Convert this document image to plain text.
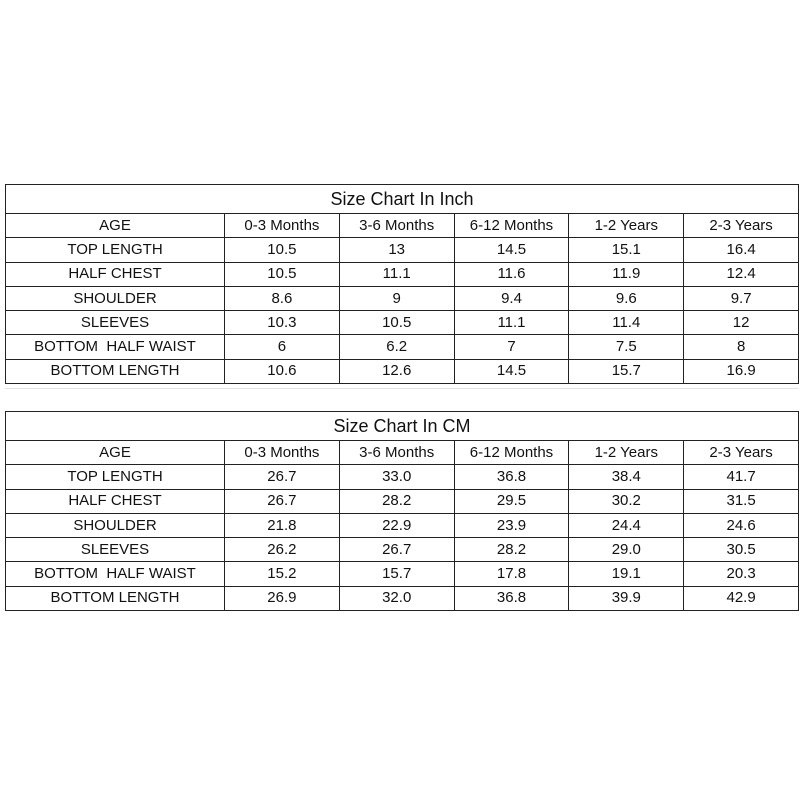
Size Chart In Inch					
AGE	0-3 Months	3-6 Months	6-12 Months	1-2 Years	2-3 Years
TOP LENGTH	10.5	13	14.5	15.1	16.4
HALF CHEST	10.5	11.1	11.6	11.9	12.4
SHOULDER	8.6	9	9.4	9.6	9.7
SLEEVES	10.3	10.5	11.1	11.4	12
BOTTOM  HALF WAIST	6	6.2	7	7.5	8
BOTTOM LENGTH	10.6	12.6	14.5	15.7	16.9
Size Chart In CM					
AGE	0-3 Months	3-6 Months	6-12 Months	1-2 Years	2-3 Years
TOP LENGTH	26.7	33.0	36.8	38.4	41.7
HALF CHEST	26.7	28.2	29.5	30.2	31.5
SHOULDER	21.8	22.9	23.9	24.4	24.6
SLEEVES	26.2	26.7	28.2	29.0	30.5
BOTTOM  HALF WAIST	15.2	15.7	17.8	19.1	20.3
BOTTOM LENGTH	26.9	32.0	36.8	39.9	42.9
